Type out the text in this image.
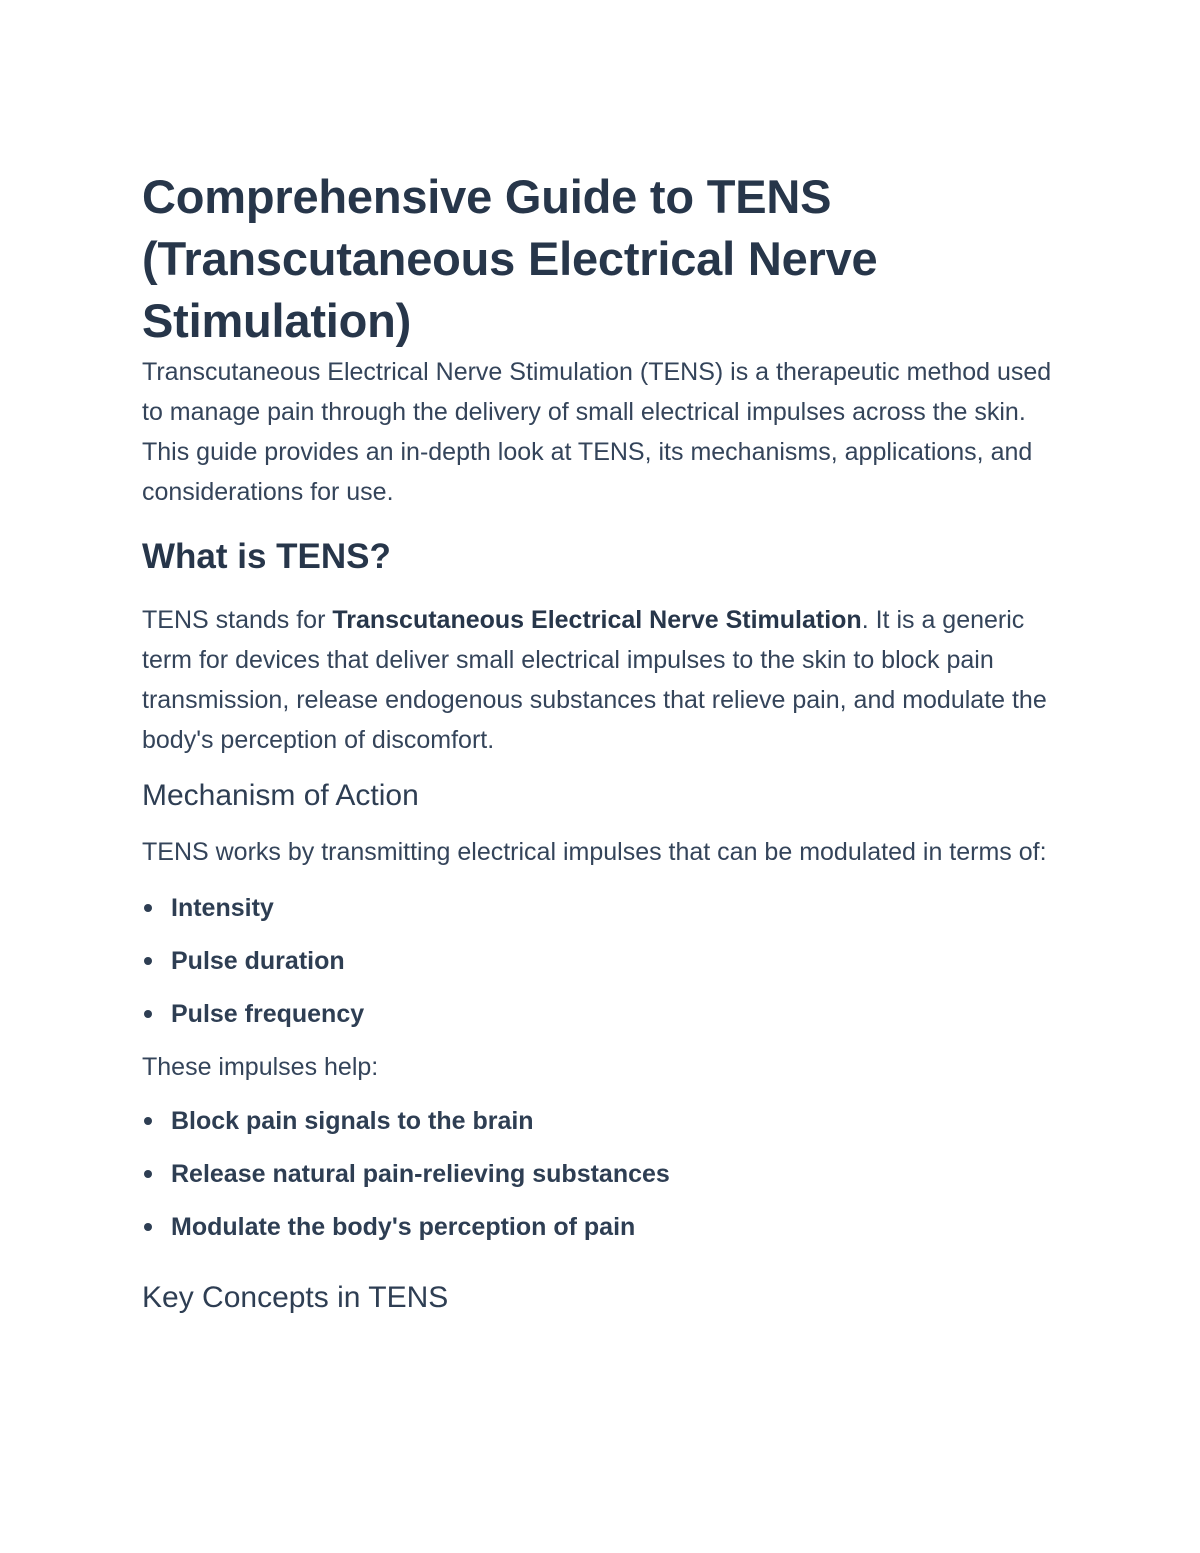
Comprehensive Guide to TENS (Transcutaneous Electrical Nerve Stimulation)

Transcutaneous Electrical Nerve Stimulation (TENS) is a therapeutic method used to manage pain through the delivery of small electrical impulses across the skin. This guide provides an in-depth look at TENS, its mechanisms, applications, and considerations for use.

What is TENS?

TENS stands for Transcutaneous Electrical Nerve Stimulation. It is a generic term for devices that deliver small electrical impulses to the skin to block pain transmission, release endogenous substances that relieve pain, and modulate the body's perception of discomfort.

Mechanism of Action

TENS works by transmitting electrical impulses that can be modulated in terms of:

Intensity
Pulse duration
Pulse frequency

These impulses help:

Block pain signals to the brain
Release natural pain-relieving substances
Modulate the body's perception of pain
Key Concepts in TENS
